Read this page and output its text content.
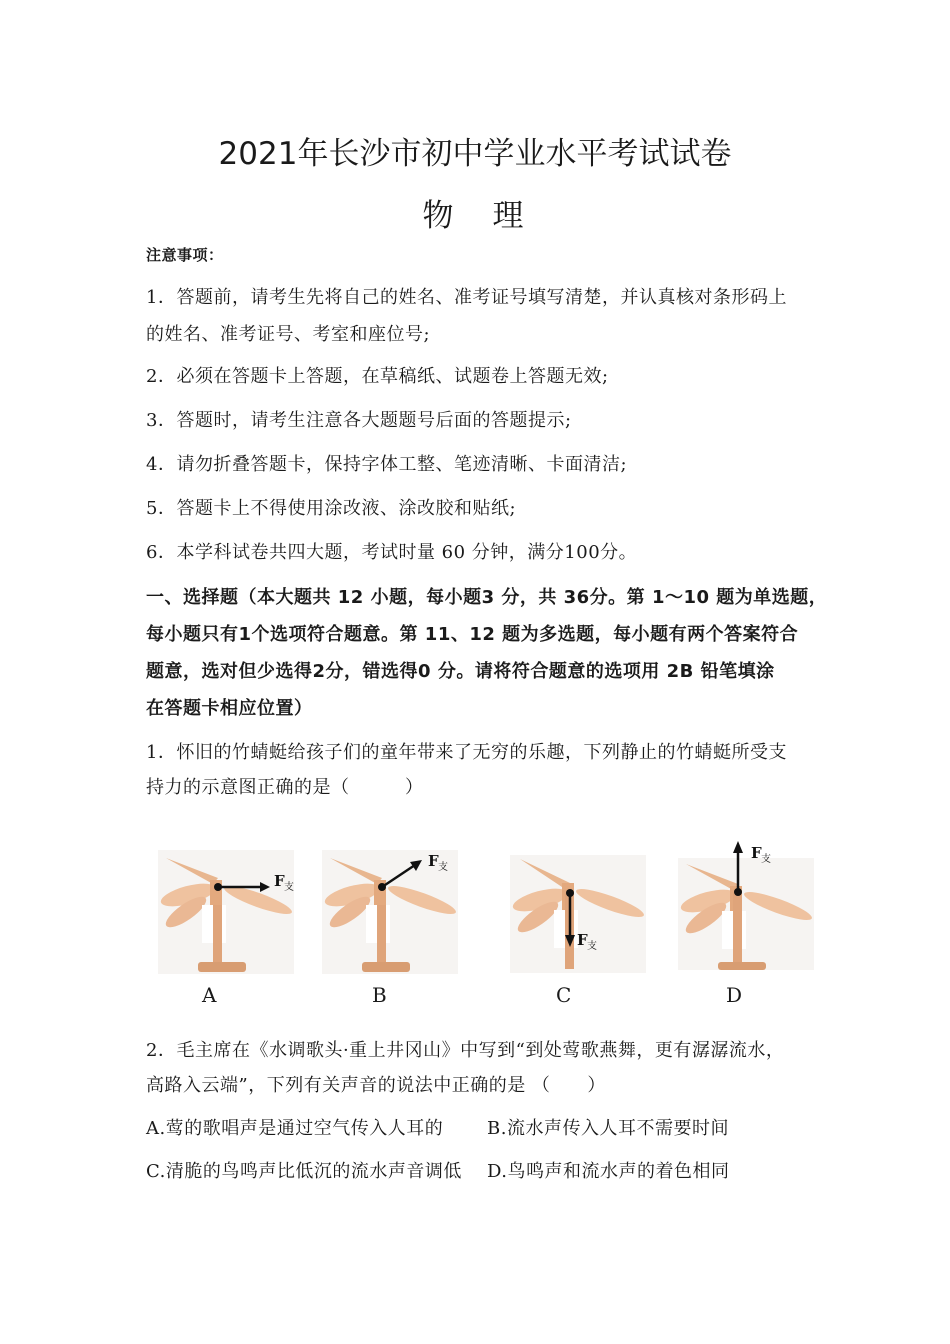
2021年长沙市初中学业水平考试试卷
物　理
注意事项：
1．答题前，请考生先将自己的姓名、准考证号填写清楚，并认真核对条形码上
的姓名、准考证号、考室和座位号;
2．必须在答题卡上答题，在草稿纸、试题卷上答题无效;
3．答题时，请考生注意各大题题号后面的答题提示;
4．请勿折叠答题卡，保持字体工整、笔迹清晰、卡面清洁;
5．答题卡上不得使用涂改液、涂改胶和贴纸;
6．本学科试卷共四大题，考试时量 60 分钟，满分100分。
一、选择题（本大题共 12 小题，每小题3 分，共 36分。第 1～10 题为单选题，
每小题只有1个选项符合题意。第 11、12 题为多选题，每小题有两个答案符合
题意，选对但少选得2分，错选得0 分。请将符合题意的选项用 2B 铅笔填涂
在答题卡相应位置）
1．怀旧的竹蜻蜓给孩子们的童年带来了无穷的乐趣，下列静止的竹蜻蜓所受支
持力的示意图正确的是（　　　）
F 支
A
F 支
B
F 支
C
F 支
D
2．毛主席在《水调歌头·重上井冈山》中写到“到处莺歌燕舞，更有潺潺流水，
高路入云端”，下列有关声音的说法中正确的是 （　　）
A.莺的歌唱声是通过空气传入人耳的 B.流水声传入人耳不需要时间
C.清脆的鸟鸣声比低沉的流水声音调低 D.鸟鸣声和流水声的着色相同
